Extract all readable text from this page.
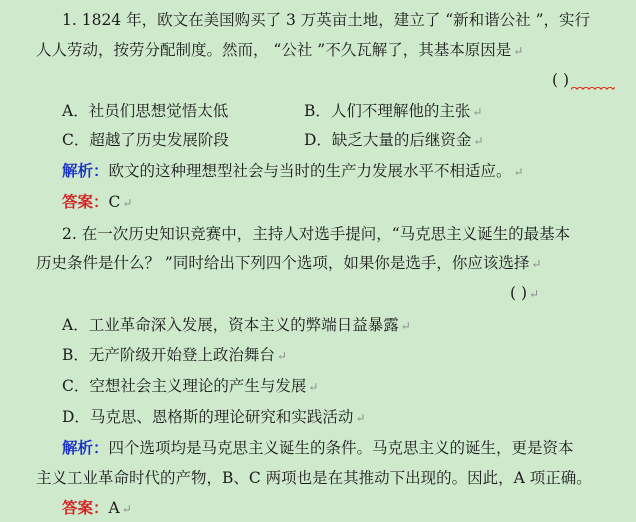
1. 1824 年，欧文在美国购买了 3 万英亩土地，建立了 “新和谐公社 ”，实行
人人劳动，按劳分配制度。然而， “公社 ”不久瓦解了，其基本原因是 ↵
( )
A．社员们思想觉悟太低	B．人们不理解他的主张 ↵
C．超越了历史发展阶段	D．缺乏大量的后继资金 ↵
解析：欧文的这种理想型社会与当时的生产力发展水平不相适应。 ↵
答案：C ↵
2. 在一次历史知识竞赛中，主持人对选手提问，“马克思主义诞生的最基本
历史条件是什么？ ”同时给出下列四个选项，如果你是选手，你应该选择 ↵
( ) ↵
A．工业革命深入发展，资本主义的弊端日益暴露 ↵
B．无产阶级开始登上政治舞台 ↵
C．空想社会主义理论的产生与发展 ↵
D．马克思、恩格斯的理论研究和实践活动 ↵
解析：四个选项均是马克思主义诞生的条件。马克思主义的诞生，更是资本
主义工业革命时代的产物，B、C 两项也是在其推动下出现的。因此，A 项正确。
答案：A ↵
